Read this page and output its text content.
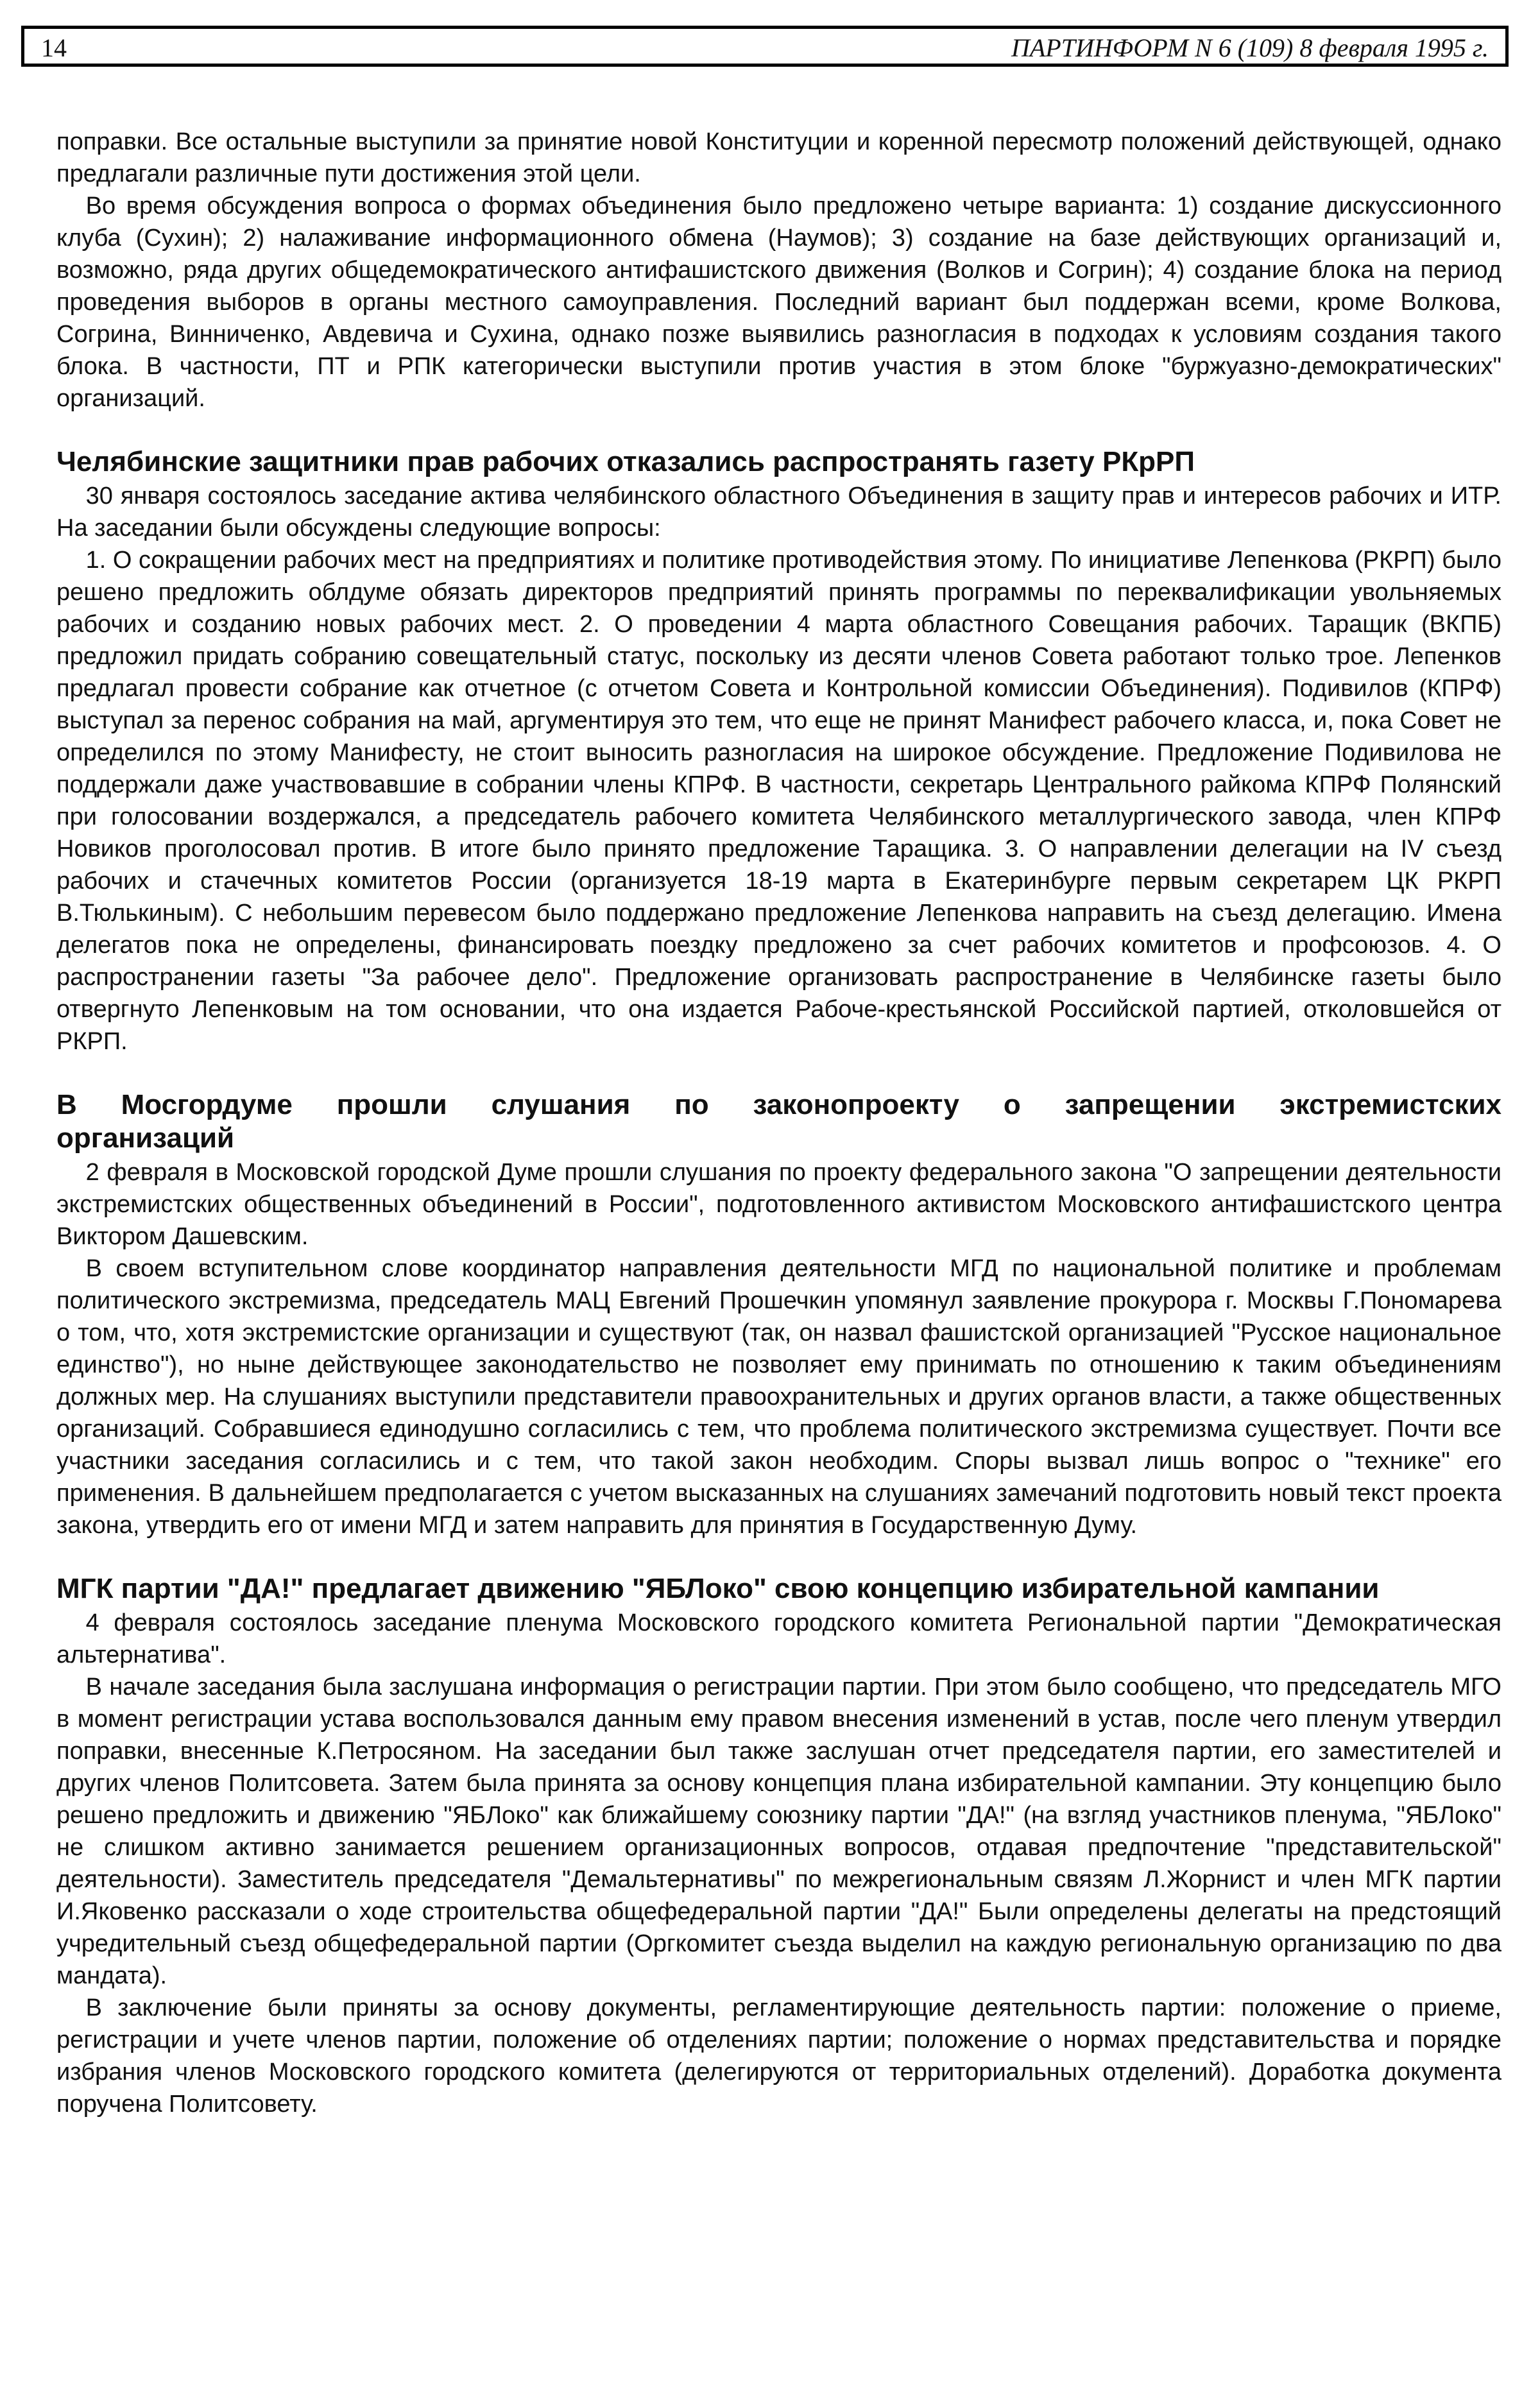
14	ПАРТИНФОРМ N 6 (109) 8 февраля 1995 г.

поправки. Все остальные выступили за принятие новой Конституции и коренной пересмотр положений действующей, однако предлагали различные пути достижения этой цели.

Во время обсуждения вопроса о формах объединения было предложено четыре варианта: 1) создание дискуссионного клуба (Сухин); 2) налаживание информационного обмена (Наумов); 3) создание на базе действующих организаций и, возможно, ряда других общедемократического антифашистского движения (Волков и Согрин); 4) создание блока на период проведения выборов в органы местного самоуправления. Последний вариант был поддержан всеми, кроме Волкова, Согрина, Винниченко, Авдевича и Сухина, однако позже выявились разногласия в подходах к условиям создания такого блока. В частности, ПТ и РПК категорически выступили против участия в этом блоке "буржуазно-демократических" организаций.

Челябинские защитники прав рабочих отказались распространять газету РКрРП

30 января состоялось заседание актива челябинского областного Объединения в защиту прав и интересов рабочих и ИТР. На заседании были обсуждены следующие вопросы:

1. О сокращении рабочих мест на предприятиях и политике противодействия этому. По инициативе Лепенкова (РКРП) было решено предложить облдуме обязать директоров предприятий принять программы по переквалификации увольняемых рабочих и созданию новых рабочих мест. 2. О проведении 4 марта областного Совещания рабочих. Таращик (ВКПБ) предложил придать собранию совещательный статус, поскольку из десяти членов Совета работают только трое. Лепенков предлагал провести собрание как отчетное (с отчетом Совета и Контрольной комиссии Объединения). Подивилов (КПРФ) выступал за перенос собрания на май, аргументируя это тем, что еще не принят Манифест рабочего класса, и, пока Совет не определился по этому Манифесту, не стоит выносить разногласия на широкое обсуждение. Предложение Подивилова не поддержали даже участвовавшие в собрании члены КПРФ. В частности, секретарь Центрального райкома КПРФ Полянский при голосовании воздержался, а председатель рабочего комитета Челябинского металлургического завода, член КПРФ Новиков проголосовал против. В итоге было принято предложение Таращика. 3. О направлении делегации на IV съезд рабочих и стачечных комитетов России (организуется 18-19 марта в Екатеринбурге первым секретарем ЦК РКРП В.Тюлькиным). С небольшим перевесом было поддержано предложение Лепенкова направить на съезд делегацию. Имена делегатов пока не определены, финансировать поездку предложено за счет рабочих комитетов и профсоюзов. 4. О распространении газеты "За рабочее дело". Предложение организовать распространение в Челябинске газеты было отвергнуто Лепенковым на том основании, что она издается Рабоче-крестьянской Российской партией, отколовшейся от РКРП.

В Мосгордуме прошли слушания по законопроекту о запрещении экстремистских
организаций

2 февраля в Московской городской Думе прошли слушания по проекту федерального закона "О запрещении деятельности экстремистских общественных объединений в России", подготовленного активистом Московского антифашистского центра Виктором Дашевским.

В своем вступительном слове координатор направления деятельности МГД по национальной политике и проблемам политического экстремизма, председатель МАЦ Евгений Прошечкин упомянул заявление прокурора г. Москвы Г.Пономарева о том, что, хотя экстремистские организации и существуют (так, он назвал фашистской организацией "Русское национальное единство"), но ныне действующее законодательство не позволяет ему принимать по отношению к таким объединениям должных мер. На слушаниях выступили представители правоохранительных и других органов власти, а также общественных организаций. Собравшиеся единодушно согласились с тем, что проблема политического экстремизма существует. Почти все участники заседания согласились и с тем, что такой закон необходим. Споры вызвал лишь вопрос о "технике" его применения. В дальнейшем предполагается с учетом высказанных на слушаниях замечаний подготовить новый текст проекта закона, утвердить его от имени МГД и затем направить для принятия в Государственную Думу.

МГК партии "ДА!" предлагает движению "ЯБЛоко" свою концепцию избирательной кампании

4 февраля состоялось заседание пленума Московского городского комитета Региональной партии "Демократическая альтернатива".

В начале заседания была заслушана информация о регистрации партии. При этом было сообщено, что председатель МГО в момент регистрации устава воспользовался данным ему правом внесения изменений в устав, после чего пленум утвердил поправки, внесенные К.Петросяном. На заседании был также заслушан отчет председателя партии, его заместителей и других членов Политсовета. Затем была принята за основу концепция плана избирательной кампании. Эту концепцию было решено предложить и движению "ЯБЛоко" как ближайшему союзнику партии "ДА!" (на взгляд участников пленума, "ЯБЛоко" не слишком активно занимается решением организационных вопросов, отдавая предпочтение "представительской" деятельности). Заместитель председателя "Демальтернативы" по межрегиональным связям Л.Жорнист и член МГК партии И.Яковенко рассказали о ходе строительства общефедеральной партии "ДА!" Были определены делегаты на предстоящий учредительный съезд общефедеральной партии (Оргкомитет съезда выделил на каждую региональную организацию по два мандата).

В заключение были приняты за основу документы, регламентирующие деятельность партии: положение о приеме, регистрации и учете членов партии, положение об отделениях партии; положение о нормах представительства и порядке избрания членов Московского городского комитета (делегируются от территориальных отделений). Доработка документа поручена Политсовету.
